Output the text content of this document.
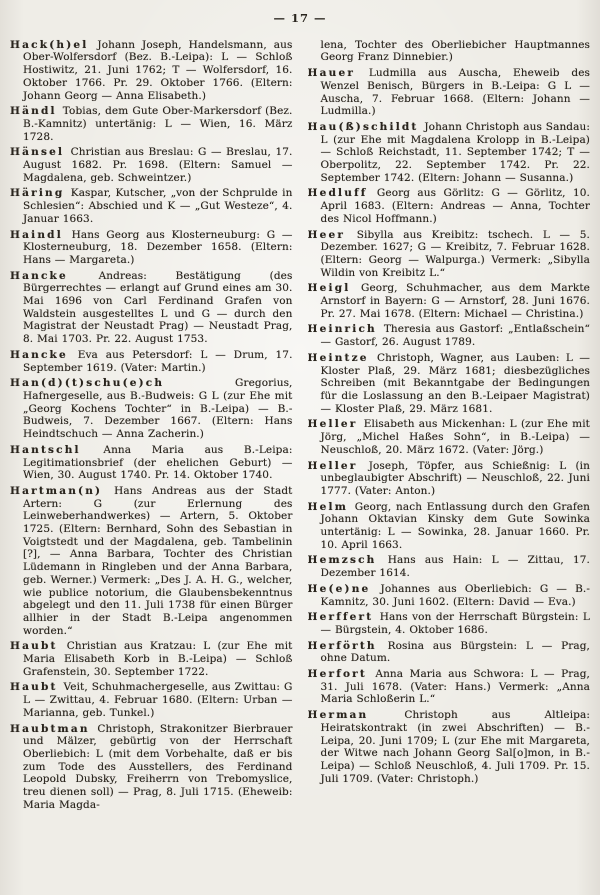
— 17 —

Hack(h)el Johann Joseph, Handelsmann, aus Ober-Wolfersdorf (Bez. B.-Leipa): L — Schloß Hostiwitz, 21. Juni 1762; T — Wolfersdorf, 16. Oktober 1766. Pr. 29. Oktober 1766. (Eltern: Johann Georg — Anna Elisabeth.)

Händl Tobias, dem Gute Ober-Markersdorf (Bez. B.-Kamnitz) untertänig: L — Wien, 16. März 1728.

Hänsel Christian aus Breslau: G — Breslau, 17. August 1682. Pr. 1698. (Eltern: Samuel — Magdalena, geb. Schweintzer.)

Häring Kaspar, Kutscher, „von der Schprulde in Schlesien“: Abschied und K — „Gut Westeze“, 4. Januar 1663.

Haindl Hans Georg aus Klosterneuburg: G — Klosterneuburg, 18. Dezember 1658. (Eltern: Hans — Margareta.)

Hancke	Andreas: Bestätigung (des Bürgerrechtes — erlangt auf Grund eines am 30. Mai 1696 von Carl Ferdinand Grafen von Waldstein ausgestelltes L und G — durch den Magistrat der Neustadt Prag) — Neustadt Prag, 8. Mai 1703. Pr. 22. August 1753.

Hancke Eva aus Petersdorf: L — Drum, 17. September 1619. (Vater: Martin.)

Han(d)(t)schu(e)ch	Gregorius, Hafnergeselle, aus B.-Budweis: G L (zur Ehe mit „Georg Kochens Tochter“ in B.-Leipa) — B.-Budweis, 7. Dezember 1667. (Eltern: Hans Heindtschuch — Anna Zacherin.)

Hantschl Anna Maria aus B.-Leipa: Legitimationsbrief (der ehelichen Geburt) — Wien, 30. August 1740. Pr. 14. Oktober 1740.

Hartman(n) Hans Andreas aus der Stadt Artern: G (zur Erlernung des Leinweberhandwerkes) — Artern, 5. Oktober 1725. (Eltern: Bernhard, Sohn des Sebastian in Voigtstedt und der Magdalena, geb. Tambelinin [?], — Anna Barbara, Tochter des Christian Lüdemann in Ringleben und der Anna Barbara, geb. Werner.) Vermerk: „Des J. A. H. G., welcher, wie publice notorium, die Glaubensbekenntnus abgelegt und den 11. Juli 1738 für einen Bürger allhier in der Stadt B.-Leipa angenommen worden.“

Haubt Christian aus Kratzau: L (zur Ehe mit Maria Elisabeth Korb in B.-Leipa) — Schloß Grafenstein, 30. September 1722.

Haubt Veit, Schuhmachergeselle, aus Zwittau: G L — Zwittau, 4. Februar 1680. (Eltern: Urban — Marianna, geb. Tunkel.)

Haubtman Christoph, Strakonitzer Bierbrauer und Mälzer, gebürtig von der Herrschaft Oberliebich: L (mit dem Vorbehalte, daß er bis zum Tode des Ausstellers, des Ferdinand Leopold Dubsky, Freiherrn von Trebomyslice, treu dienen soll) — Prag, 8. Juli 1715. (Eheweib: Maria Magda-

lena, Tochter des Oberliebicher Hauptmannes Georg Franz Dinnebier.)

Hauer Ludmilla aus Auscha, Eheweib des Wenzel Benisch, Bürgers in B.-Leipa: G L — Auscha, 7. Februar 1668. (Eltern: Johann — Ludmilla.)

Hau(ß)schildt Johann Christoph aus Sandau: L (zur Ehe mit Magdalena Krolopp in B.-Leipa) — Schloß Reichstadt, 11. September 1742; T — Oberpolitz, 22. September 1742. Pr. 22. September 1742. (Eltern: Johann — Susanna.)

Hedluff Georg aus Görlitz: G — Görlitz, 10. April 1683. (Eltern: Andreas — Anna, Tochter des Nicol Hoffmann.)

Heer Sibylla aus Kreibitz: tschech. L — 5. Dezember. 1627; G — Kreibitz, 7. Februar 1628. (Eltern: Georg — Walpurga.) Vermerk: „Sibylla Wildin von Kreibitz L.“

Heigl Georg, Schuhmacher, aus dem Markte Arnstorf in Bayern: G — Arnstorf, 28. Juni 1676. Pr. 27. Mai 1678. (Eltern: Michael — Christina.)

Heinrich Theresia aus Gastorf: „Entlaßschein“ — Gastorf, 26. August 1789.

Heintze Christoph, Wagner, aus Lauben: L — Kloster Plaß, 29. März 1681; diesbezügliches Schreiben (mit Bekanntgabe der Bedingungen für die Loslassung an den B.-Leipaer Magistrat) — Kloster Plaß, 29. März 1681.

Heller Elisabeth aus Mickenhan: L (zur Ehe mit Jörg, „Michel Haßes Sohn“, in B.-Leipa) — Neuschloß, 20. März 1672. (Vater: Jörg.)

Heller Joseph, Töpfer, aus Schießnig: L (in unbeglaubigter Abschrift) — Neuschloß, 22. Juni 1777. (Vater: Anton.)

Helm Georg, nach Entlassung durch den Grafen Johann Oktavian Kinsky dem Gute Sowinka untertänig: L — Sowinka, 28. Januar 1660. Pr. 10. April 1663.

Hemzsch Hans aus Hain: L — Zittau, 17. Dezember 1614.

He(e)ne Johannes aus Oberliebich: G — B.-Kamnitz, 30. Juni 1602. (Eltern: David — Eva.)

Herffert Hans von der Herrschaft Bürgstein: L — Bürgstein, 4. Oktober 1686.

Herförth Rosina aus Bürgstein: L — Prag, ohne Datum.

Herfort Anna Maria aus Schwora: L — Prag, 31. Juli 1678. (Vater: Hans.) Vermerk: „Anna Maria Schloßerin L.“

Herman	Christoph aus Altleipa: Heiratskontrakt (in zwei Abschriften) — B.-Leipa, 20. Juni 1709; L (zur Ehe mit Margareta, der Witwe nach Johann Georg Sal[o]mon, in B.-Leipa) — Schloß Neuschloß, 4. Juli 1709. Pr. 15. Juli 1709. (Vater: Christoph.)
